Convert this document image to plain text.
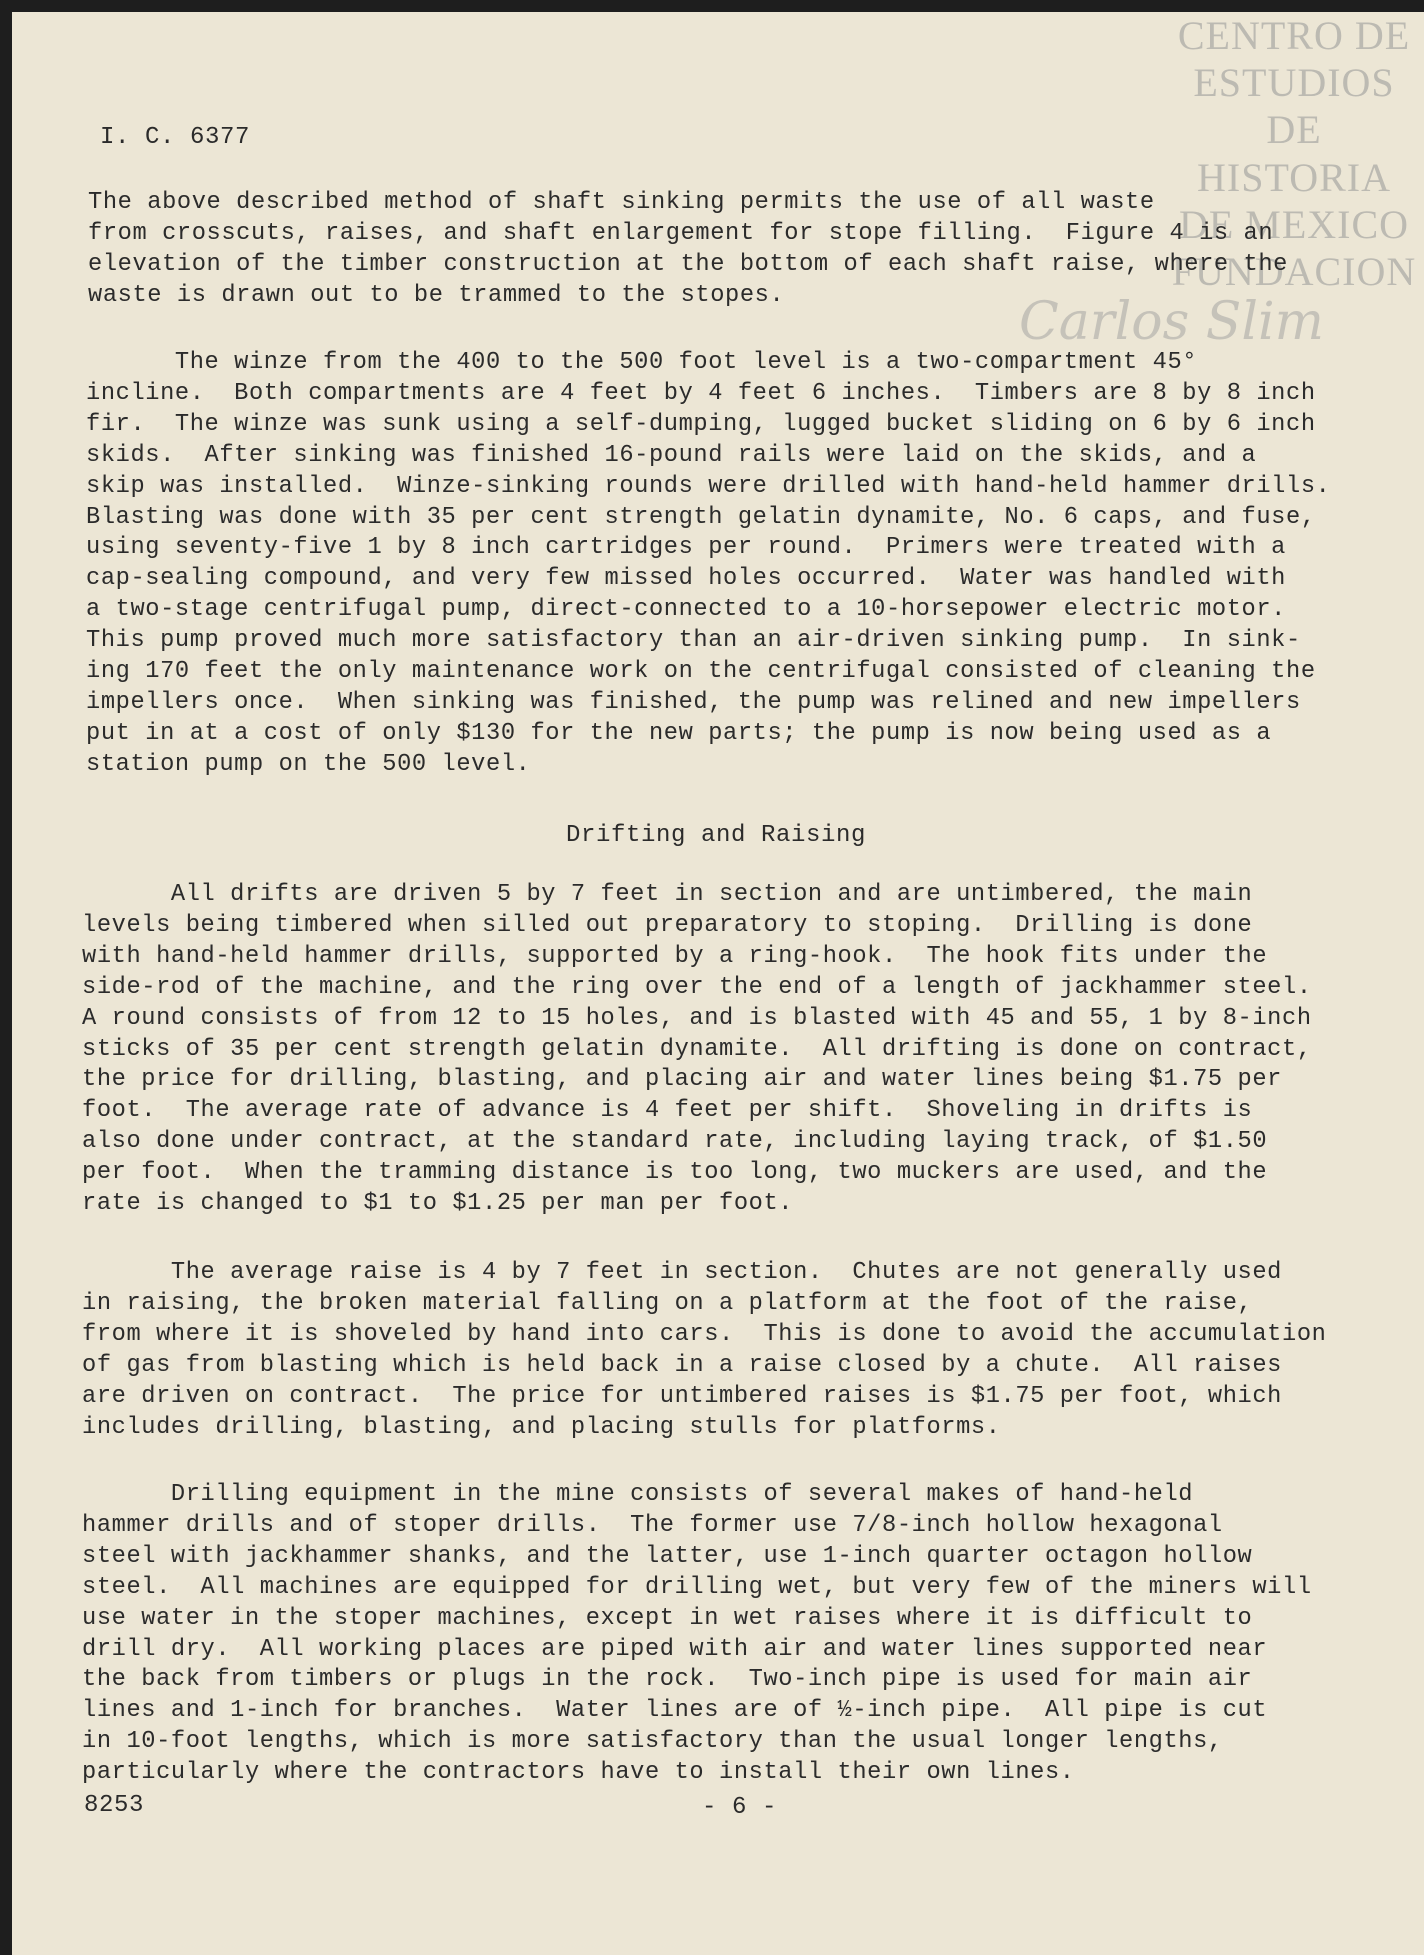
CENTRO DE
ESTUDIOS
DE HISTORIA
DE MEXICO
FUNDACION
Carlos Slim

I. C. 6377

The above described method of shaft sinking permits the use of all waste
from crosscuts, raises, and shaft enlargement for stope filling.  Figure 4 is an
elevation of the timber construction at the bottom of each shaft raise, where the
waste is drawn out to be trammed to the stopes.

The winze from the 400 to the 500 foot level is a two-compartment 45°
incline.  Both compartments are 4 feet by 4 feet 6 inches.  Timbers are 8 by 8 inch
fir.  The winze was sunk using a self-dumping, lugged bucket sliding on 6 by 6 inch
skids.  After sinking was finished 16-pound rails were laid on the skids, and a
skip was installed.  Winze-sinking rounds were drilled with hand-held hammer drills.
Blasting was done with 35 per cent strength gelatin dynamite, No. 6 caps, and fuse,
using seventy-five 1 by 8 inch cartridges per round.  Primers were treated with a
cap-sealing compound, and very few missed holes occurred.  Water was handled with
a two-stage centrifugal pump, direct-connected to a 10-horsepower electric motor.
This pump proved much more satisfactory than an air-driven sinking pump.  In sink-
ing 170 feet the only maintenance work on the centrifugal consisted of cleaning the
impellers once.  When sinking was finished, the pump was relined and new impellers
put in at a cost of only $130 for the new parts; the pump is now being used as a
station pump on the 500 level.

Drifting and Raising

All drifts are driven 5 by 7 feet in section and are untimbered, the main
levels being timbered when silled out preparatory to stoping.  Drilling is done
with hand-held hammer drills, supported by a ring-hook.  The hook fits under the
side-rod of the machine, and the ring over the end of a length of jackhammer steel.
A round consists of from 12 to 15 holes, and is blasted with 45 and 55, 1 by 8-inch
sticks of 35 per cent strength gelatin dynamite.  All drifting is done on contract,
the price for drilling, blasting, and placing air and water lines being $1.75 per
foot.  The average rate of advance is 4 feet per shift.  Shoveling in drifts is
also done under contract, at the standard rate, including laying track, of $1.50
per foot.  When the tramming distance is too long, two muckers are used, and the
rate is changed to $1 to $1.25 per man per foot.

The average raise is 4 by 7 feet in section.  Chutes are not generally used
in raising, the broken material falling on a platform at the foot of the raise,
from where it is shoveled by hand into cars.  This is done to avoid the accumulation
of gas from blasting which is held back in a raise closed by a chute.  All raises
are driven on contract.  The price for untimbered raises is $1.75 per foot, which
includes drilling, blasting, and placing stulls for platforms.

Drilling equipment in the mine consists of several makes of hand-held
hammer drills and of stoper drills.  The former use 7/8-inch hollow hexagonal
steel with jackhammer shanks, and the latter, use 1-inch quarter octagon hollow
steel.  All machines are equipped for drilling wet, but very few of the miners will
use water in the stoper machines, except in wet raises where it is difficult to
drill dry.  All working places are piped with air and water lines supported near
the back from timbers or plugs in the rock.  Two-inch pipe is used for main air
lines and 1-inch for branches.  Water lines are of ½-inch pipe.  All pipe is cut
in 10-foot lengths, which is more satisfactory than the usual longer lengths,
particularly where the contractors have to install their own lines.

8253	- 6 -
